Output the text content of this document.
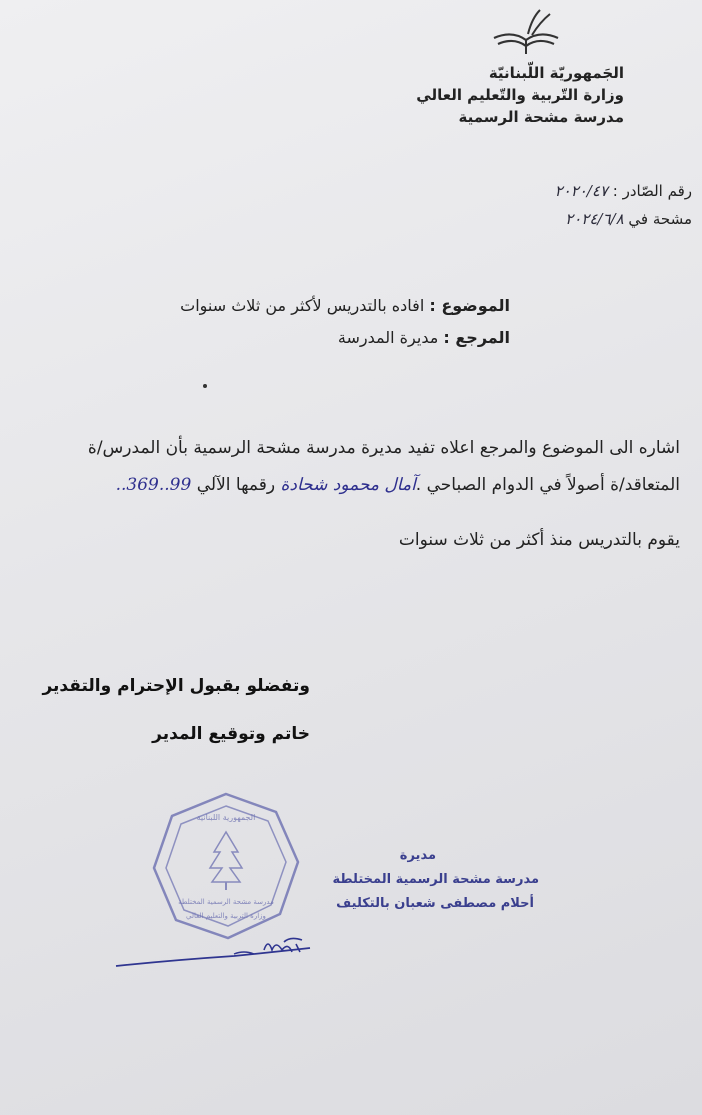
الجَمهوريّة اللّبنانيّة
وزارة التّربية والتّعليم العالي
مدرسة مشحة الرسمية
رقم الصّادر : ٢٠٢٠/٤٧
مشحة في ٢٠٢٤/٦/٨
الموضوع : افاده بالتدريس لأكثر من ثلاث سنوات
المرجع : مديرة المدرسة
اشاره الى الموضوع والمرجع اعلاه تفيد مديرة مدرسة مشحة الرسمية بأن المدرس/ة
المتعاقد/ة أصولاً في الدوام الصباحي .آمال محمود شحادة رقمها الآلي 99..369..
يقوم بالتدريس منذ أكثر من ثلاث سنوات
وتفضلو بقبول الإحترام والتقدير
خاتم وتوقيع المدير
الجمهورية اللبنانية
مدرسة مشحة الرسمية المختلطة
وزارة التربية والتعليم العالي
مديرة
مدرسة مشحة الرسمية المختلطة
أحلام مصطفى شعبان بالتكليف
